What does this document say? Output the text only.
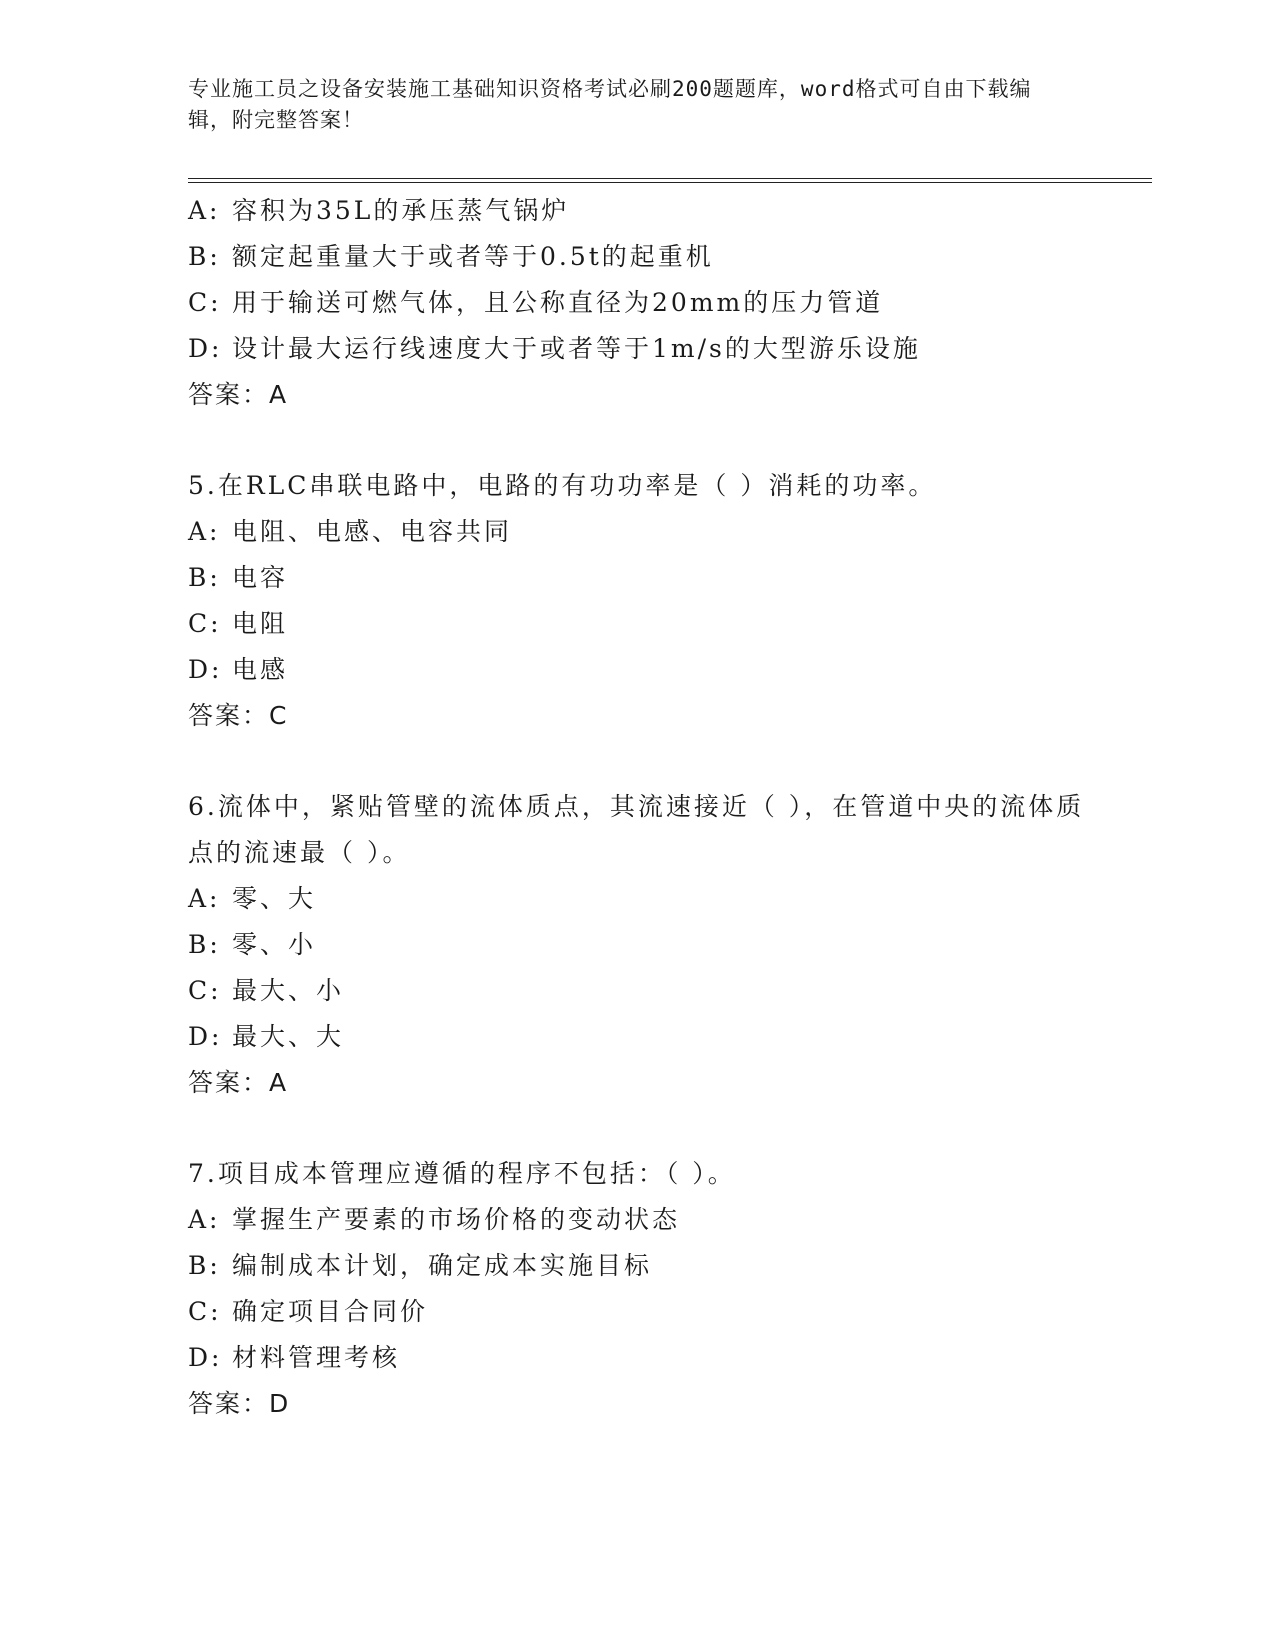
专业施工员之设备安装施工基础知识资格考试必刷200题题库，word格式可自由下载编辑，附完整答案！
A: 容积为35L的承压蒸气锅炉
B: 额定起重量大于或者等于0.5t的起重机
C: 用于输送可燃气体，且公称直径为20mm的压力管道
D: 设计最大运行线速度大于或者等于1m/s的大型游乐设施
答案：A
5.在RLC串联电路中，电路的有功功率是（ ）消耗的功率。
A: 电阻、电感、电容共同
B: 电容
C: 电阻
D: 电感
答案：C
6.流体中，紧贴管壁的流体质点，其流速接近（ ），在管道中央的流体质点的流速最（ ）。
A: 零、大
B: 零、小
C: 最大、小
D: 最大、大
答案：A
7.项目成本管理应遵循的程序不包括：（ ）。
A: 掌握生产要素的市场价格的变动状态
B: 编制成本计划，确定成本实施目标
C: 确定项目合同价
D: 材料管理考核
答案：D
